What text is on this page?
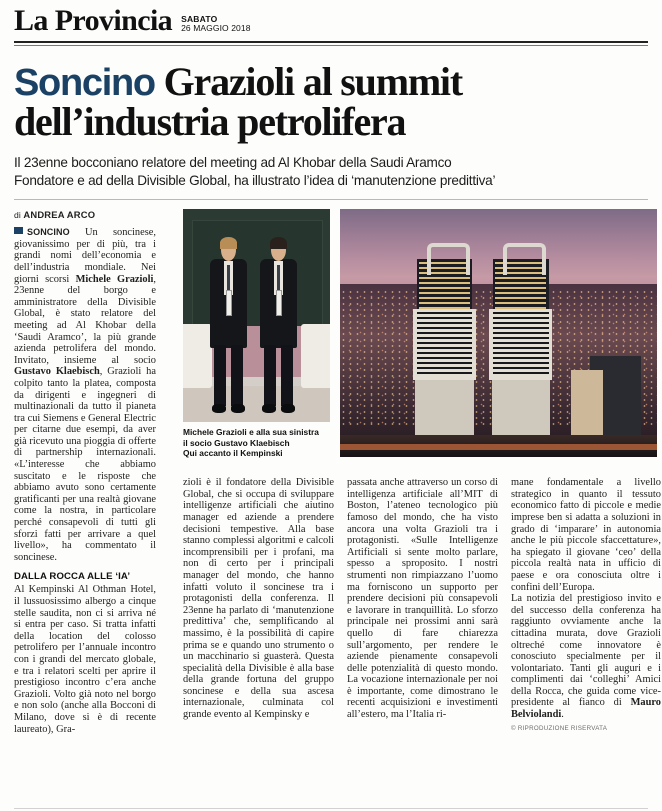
La Provincia SABATO
26 MAGGIO 2018
Soncino Grazioli al summit
dell’industria petrolifera
Il 23enne bocconiano relatore del meeting ad Al Khobar della Saudi Aramco
Fondatore e ad della Divisible Global, ha illustrato l’idea di ‘manutenzione predittiva’
di ANDREA ARCO

SONCINO Un soncinese, giovanissimo per di più, tra i grandi nomi dell’economia e dell’industria mondiale. Nei giorni scorsi Michele Grazioli, 23enne del borgo e amministratore della Divisible Global, è stato relatore del meeting ad Al Khobar della ‘Saudi Aramco’, la più grande azienda petrolifera del mondo. Invitato, insieme al socio Gustavo Klaebisch, Grazioli ha colpito tanto la platea, composta da dirigenti e ingegneri di multinazionali da tutto il pianeta tra cui Siemens e General Electric per citarne due esempi, da aver già ricevuto una pioggia di offerte di partnership internazionali. «L’interesse che abbiamo suscitato e le risposte che abbiamo avuto sono certamente gratificanti per una realtà giovane come la nostra, in particolare perché consapevoli di tutti gli sforzi fatti per arrivare a quel livello», ha commentato il soncinese.

DALLA ROCCA ALLE ‘IA’

Al Kempinski Al Othman Hotel, il lussuosissimo albergo a cinque stelle saudita, non ci si arriva né si entra per caso. Si tratta infatti della location del colosso petrolifero per l’annuale incontro con i grandi del mercato globale, e tra i relatori scelti per aprire il prestigioso incontro c’era anche Grazioli. Volto già noto nel borgo e non solo (anche alla Bocconi di Milano, dove si è di recente laureato), Gra-

Michele Grazioli e alla sua sinistra
il socio Gustavo Klaebisch
Qui accanto il Kempinski

zioli è il fondatore della Divisible Global, che si occupa di sviluppare intelligenze artificiali che aiutino manager ed aziende a prendere decisioni tempestive. Alla base stanno complessi algoritmi e calcoli incomprensibili per i profani, ma non di certo per i principali manager del mondo, che hanno infatti voluto il soncinese tra i protagonisti della conferenza. Il 23enne ha parlato di ‘manutenzione predittiva’ che, semplificando al massimo, è la possibilità di capire prima se e quando uno strumento o un macchinario si guasterà. Questa specialità della Divisible è alla base della grande fortuna del gruppo soncinese e della sua ascesa internazionale, culminata col grande evento al Kempinsky e

passata anche attraverso un corso di intelligenza artificiale all’MIT di Boston, l’ateneo tecnologico più famoso del mondo, che ha visto ancora una volta Grazioli tra i protagonisti. «Sulle Intelligenze Artificiali si sente molto parlare, spesso a sproposito. I nostri strumenti non rimpiazzano l’uomo ma forniscono un supporto per prendere decisioni più consapevoli e lavorare in tranquillità. Lo sforzo principale nei prossimi anni sarà quello di fare chiarezza sull’argomento, per rendere le aziende pienamente consapevoli delle potenzialità di questo mondo. La vocazione internazionale per noi è importante, come dimostrano le recenti acquisizioni e investimenti all’estero, ma l’Italia ri-

mane fondamentale a livello strategico in quanto il tessuto economico fatto di piccole e medie imprese ben si adatta a soluzioni in grado di ‘imparare’ in autonomia anche le più piccole sfaccettature», ha spiegato il giovane ‘ceo’ della piccola realtà nata in ufficio di paese e ora conosciuta oltre i confini dell’Europa.

La notizia del prestigioso invito e del successo della conferenza ha raggiunto ovviamente anche la cittadina murata, dove Grazioli oltreché come innovatore è conosciuto specialmente per il volontariato. Tanti gli auguri e i complimenti dai ‘colleghi’ Amici della Rocca, che guida come vice-presidente al fianco di Mauro Belviolandi.

© RIPRODUZIONE RISERVATA
